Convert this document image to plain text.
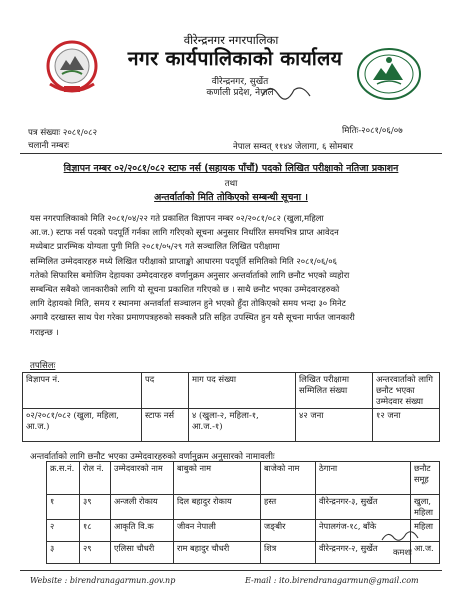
वीरेन्द्रनगर नगरपालिका
नगर कार्यपालिकाको कार्यालय
वीरेन्द्रनगर, सुर्खेत
कर्णाली प्रदेश, नेपाल
पत्र संख्याः २०८१/०८२
चलानी नम्बरः
मितिः-२०८१/०६/०७
नेपाल सम्वत् ११४४ जेलागा, ६ सोमबार
विज्ञापन नम्बर ०२/२०८१/०८२ स्टाफ नर्स (सहायक पाँचौं) पदको लिखित परीक्षाको नतिजा प्रकाशन
तथा
अन्तर्वार्ताको मिति तोकिएको सम्बन्धी सूचना ।
यस नगरपालिकाको मिति २०८१/०४/२२ गते प्रकाशित विज्ञापन नम्बर ०२/२०८१/०८२ (खुला,महिला
आ.ज.) स्टाफ नर्स पदको पदपूर्ति गर्नका लागि गरिएको सूचना अनुसार निर्धारित समयभित्र प्राप्त आवेदन
मध्येबाट प्रारम्भिक योग्यता पुगी मिति २०८१/०५/२९ गते सञ्चालित लिखित परीक्षामा
सम्मिलित उम्मेदवारहरु मध्ये लिखित परीक्षाको प्राप्ताङ्को आधारमा पदपूर्ति समितिको मिति २०८१/०६/०६
गतेको सिफारिस बमोजिम देहायका उम्मेदवारहरु वर्णानुक्रम अनुसार अन्तर्वार्ताको लागि छनौट भएको व्यहोरा
सम्बन्धित सबैको जानकारीको लागि यो सूचना प्रकाशित गरिएको छ । साथै छनौट भएका उम्मेदवारहरुको
लागि देहायको मिति, समय र स्थानमा अन्तर्वार्ता सञ्चालन हुने भएको हुँदा तोकिएको समय भन्दा ३० मिनेट
अगावै दरखास्त साथ पेश गरेका प्रमाणपत्रहरुको सक्कलै प्रति सहित उपस्थित हुन यसै सूचना मार्फत जानकारी
गराइन्छ ।
तपसिलः
विज्ञापन नं.	पद	माग पद संख्या	लिखित परीक्षामा सम्मिलित संख्या	अन्तरवार्ताको लागि छनौट भएका उम्मेदवार संख्या
०२/२०८१/०८२ (खुला, महिला, आ.ज.)	स्टाफ नर्स	४ (खुला-२, महिला-१, आ.ज.-१)	४२ जना	१२ जना
अन्तर्वार्ताको लागि छनौट भएका उम्मेदवारहरुको वर्णानुक्रम अनुसारको नामावलीः
क्र.स.नं.	रोल नं.	उम्मेदवारको नाम	बाबुको नाम	बाजेको नाम	ठेगाना	छनौट समूह
१	३९	अन्जली रोकाय	दिल बहादुर रोकाय	हस्त	वीरेन्द्रनगर-३, सुर्खेत	खुला, महिला
२	१८	आकृति वि.क	जीवन नेपाली	जङ्बीर	नेपालगंज-१८, बाँके	महिला
३	२९	एलिसा चौधरी	राम बहादुर चौधरी	शित्र	वीरेन्द्रनगर-२, सुर्खेत	आ.ज.
कमशः
Website : birendranagarmun.gov.np	E-mail : ito.birendranagarmun@gmail.com
